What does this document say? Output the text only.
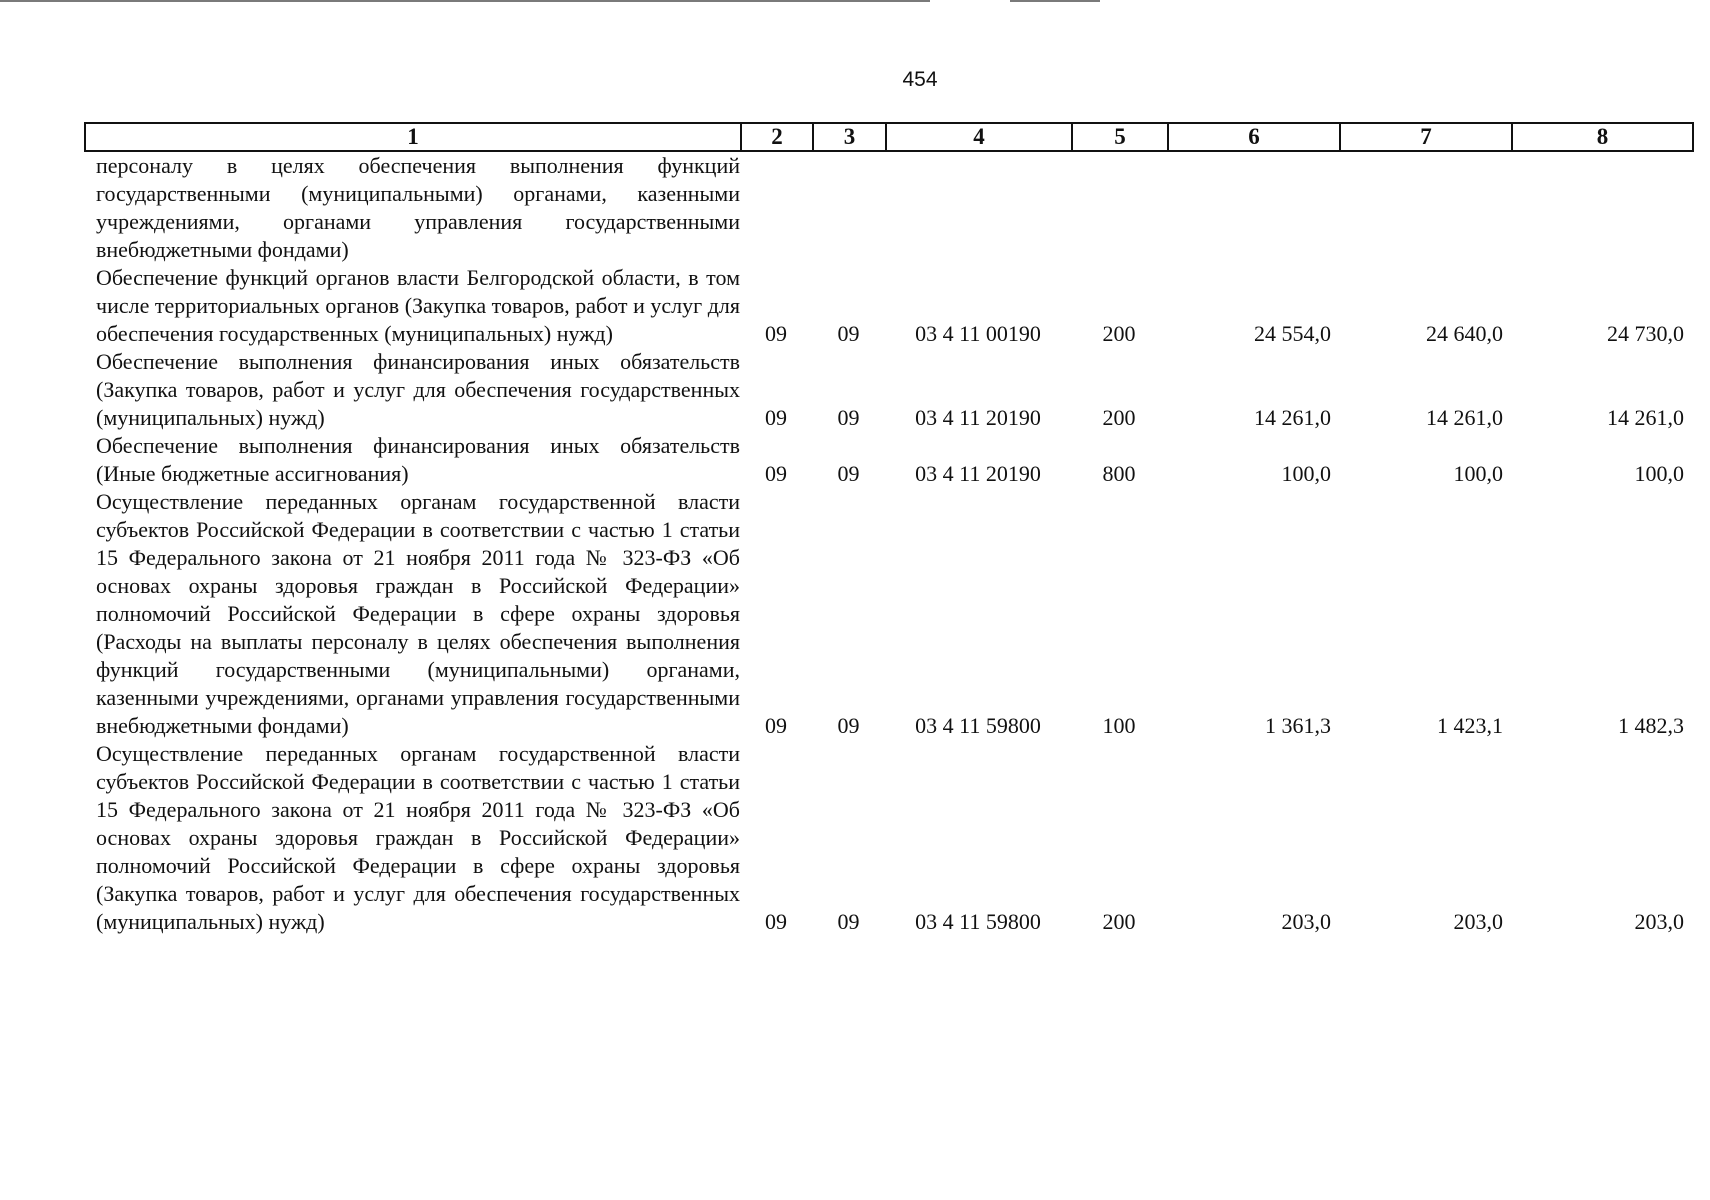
454
1	2	3	4	5	6	7	8
персоналу в целях обеспечения выполнения функций государственными (муниципальными) органами, казенными учреждениями, органами управления государственными внебюджетными фондами)
Обеспечение функций органов власти Белгородской области, в том числе территориальных органов (Закупка товаров, работ и услуг для обеспечения государственных (муниципальных) нужд)	09	09	03 4 11 00190	200	24 554,0	24 640,0	24 730,0
Обеспечение выполнения финансирования иных обязательств (Закупка товаров, работ и услуг для обеспечения государственных (муниципальных) нужд)	09	09	03 4 11 20190	200	14 261,0	14 261,0	14 261,0
Обеспечение выполнения финансирования иных обязательств (Иные бюджетные ассигнования)	09	09	03 4 11 20190	800	100,0	100,0	100,0
Осуществление переданных органам государственной власти субъектов Российской Федерации в соответствии с частью 1 статьи 15 Федерального закона от 21 ноября 2011 года № 323-ФЗ «Об основах охраны здоровья граждан в Российской Федерации» полномочий Российской Федерации в сфере охраны здоровья (Расходы на выплаты персоналу в целях обеспечения выполнения функций государственными (муниципальными) органами, казенными учреждениями, органами управления государственными внебюджетными фондами)	09	09	03 4 11 59800	100	1 361,3	1 423,1	1 482,3
Осуществление переданных органам государственной власти субъектов Российской Федерации в соответствии с частью 1 статьи 15 Федерального закона от 21 ноября 2011 года № 323-ФЗ «Об основах охраны здоровья граждан в Российской Федерации» полномочий Российской Федерации в сфере охраны здоровья (Закупка товаров, работ и услуг для обеспечения государственных (муниципальных) нужд)	09	09	03 4 11 59800	200	203,0	203,0	203,0
